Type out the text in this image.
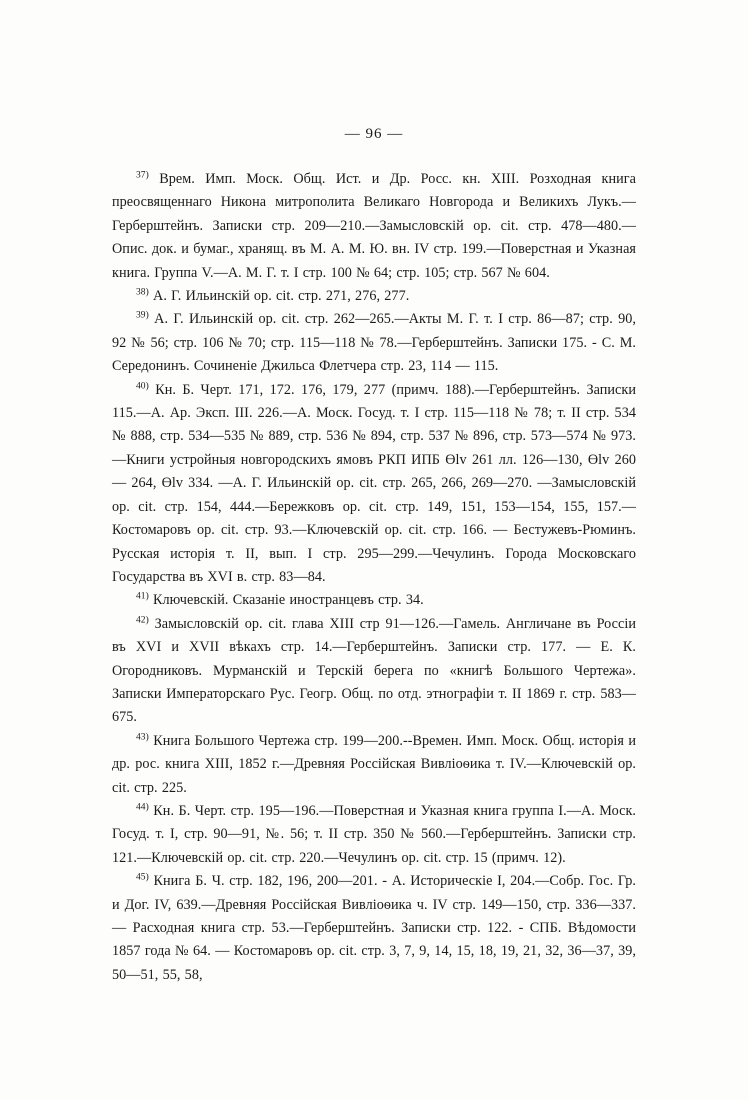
— 96 —

$^{37)}$ Врем. Имп. Моск. Общ. Ист. и Др. Росс. кн. XIII. Розходная книга преосвященнаго Никона митрополита Великаго Новгорода и Великихъ Лукъ.—Герберштейнъ. Записки стр. 209—210.—Замысловскiй op. cit. стр. 478—480.— Опис. док. и бумаг., хранящ. въ М. А. М. Ю. вн. IV стр. 199.—Поверстная и Указная книга. Группа V.—А. М. Г. т. I стр. 100 № 64; стр. 105; стр. 567 № 604.

$^{38)}$ А. Г. Ильинскiй op. cit. стр. 271, 276, 277.

$^{39)}$ А. Г. Ильинскiй op. cit. стр. 262—265.—Акты М. Г. т. I стр. 86—87; стр. 90, 92 № 56; стр. 106 № 70; стр. 115—118 № 78.—Герберштейнъ. Записки 175. - С. М. Середонинъ. Сочиненiе Джильса Флетчера стр. 23, 114 — 115.

$^{40)}$ Кн. Б. Черт. 171, 172. 176, 179, 277 (примч. 188).—Герберштейнъ. Записки 115.—А. Ар. Эксп. III. 226.—А. Моск. Госуд. т. I стр. 115—118 № 78; т. II стр. 534 № 888, стр. 534—535 № 889, стр. 536 № 894, стр. 537 № 896, стр. 573—574 № 973.—Книги устройныя новгородскихъ ямовъ РКП ИПБ Өlv 261 лл. 126—130, Өlv 260 — 264, Өlv 334. —А. Г. Ильинскiй op. cit. стр. 265, 266, 269—270. —Замысловскiй op. cit. стр. 154, 444.—Бережковъ op. cit. стр. 149, 151, 153—154, 155, 157.—Костомаровъ op. cit. стр. 93.—Ключевскiй op. cit. стр. 166. — Бестужевъ-Рюминъ. Русская исторiя т. II, вып. I стр. 295—299.—Чечулинъ. Города Московскаго Государства въ XVI в. стр. 83—84.

$^{41)}$ Ключевскiй. Сказанiе иностранцевъ стр. 34.

$^{42)}$ Замысловскiй op. cit. глава XIII стр 91—126.—Гамель. Англичане въ Россiи въ XVI и XVII вѣкахъ стр. 14.—Герберштейнъ. Записки стр. 177. — Е. К. Огородниковъ. Мурманскiй и Терскiй берега по «книгѣ Большого Чертежа». Записки Императорскаго Рус. Геогр. Общ. по отд. этнографiи т. II 1869 г. стр. 583—675.

$^{43)}$ Книга Большого Чертежа стр. 199—200.--Времен. Имп. Моск. Общ. исторiя и др. рос. книга XIII, 1852 г.—Древняя Россiйская Вивлiоѳика т. IV.—Ключевскiй op. cit. стр. 225.

$^{44)}$ Кн. Б. Черт. стр. 195—196.—Поверстная и Указная книга группа I.—А. Моск. Госуд. т. I, стр. 90—91, №. 56; т. II стр. 350 № 560.—Герберштейнъ. Записки стр. 121.—Ключевскiй op. cit. стр. 220.—Чечулинъ op. cit. стр. 15 (примч. 12).

$^{45)}$ Книга Б. Ч. стр. 182, 196, 200—201. - А. Историческiе I, 204.—Собр. Гос. Гр. и Дог. IV, 639.—Древняя Россiйская Вивлiоѳика ч. IV стр. 149—150, стр. 336—337. — Расходная книга стр. 53.—Герберштейнъ. Записки стр. 122. - СПБ. Вѣдомости 1857 года № 64. — Костомаровъ op. cit. стр. 3, 7, 9, 14, 15, 18, 19, 21, 32, 36—37, 39, 50—51, 55, 58,
